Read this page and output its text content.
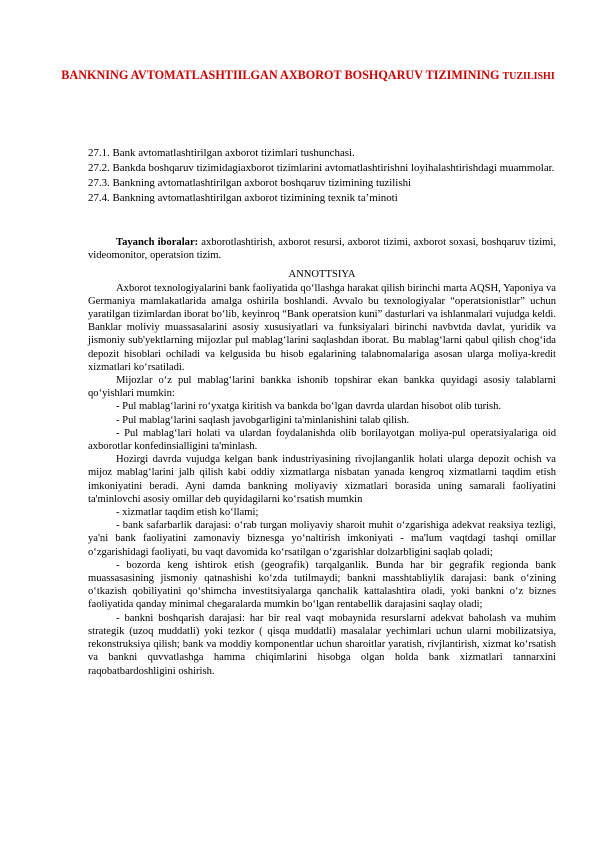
BANKNING AVTOMATLASHTIILGAN AXBOROT BOSHQARUV TIZIMINING TUZILISHI

27.1. Bank avtomatlashtirilgan axborot tizimlari tushunchasi.

27.2. Bankda boshqaruv tizimidagiaxborot tizimlarini avtomatlashtirishni loyihalashtirishdagi muammolar.

27.3. Bankning avtomatlashtirilgan axborot boshqaruv tizimining tuzilishi

27.4. Bankning avtomatlashtirilgan axborot tizimining texnik ta’minoti

Tayanch iboralar: axborotlashtirish, axborot resursi, axborot tizimi, axborot soxasi, boshqaruv tizimi, videomonitor, operatsion tizim.

ANNOTTSIYA

Axborot texnologiyalarini bank faoliyatida qo‘llashga harakat qilish birinchi marta AQSH, Yaponiya va Germaniya mamlakatlarida amalga oshirila boshlandi. Avvalo bu texnologiyalar “operatsionistlar” uchun yaratilgan tizimlardan iborat bo‘lib, keyinroq “Bank operatsion kuni” dasturlari va ishlanmalari vujudga keldi. Banklar moliviy muassasalarini asosiy xususiyatlari va funksiyalari birinchi navbvtda davlat, yuridik va jismoniy sub'yektlarning mijozlar pul mablag‘larini saqlashdan iborat. Bu mablag‘larni qabul qilish chog‘ida depozit hisoblari ochiladi va kelgusida bu hisob egalarining talabnomalariga asosan ularga moliya-kredit xizmatlari ko‘rsatiladi.

Mijozlar o‘z pul mablag‘larini bankka ishonib topshirar ekan bankka quyidagi asosiy talablarni qo‘yishlari mumkin:

- Pul mablag‘larini ro‘yxatga kiritish va bankda bo‘lgan davrda ulardan hisobot olib turish.

- Pul mablag‘larini saqlash javobgarligini ta'minlanishini talab qilish.

- Pul mablag‘lari holati va ulardan foydalanishda olib borilayotgan moliya-pul operatsiyalariga oid axborotlar konfedinsialligini ta'minlash.

Hozirgi davrda vujudga kelgan bank industriyasining rivojlanganlik holati ularga depozit ochish va mijoz mablag‘larini jalb qilish kabi oddiy xizmatlarga nisbatan yanada kengroq xizmatlarni taqdim etish imkoniyatini beradi. Ayni damda bankning moliyaviy xizmatlari borasida uning samarali faoliyatini ta'minlovchi asosiy omillar deb quyidagilarni ko‘rsatish mumkin

- xizmatlar taqdim etish ko‘llami;

- bank safarbarlik darajasi: o‘rab turgan moliyaviy sharoit muhit o‘zgarishiga adekvat reaksiya tezligi, ya'ni bank faoliyatini zamonaviy biznesga yo‘naltirish imkoniyati - ma'lum vaqtdagi tashqi omillar o‘zgarishidagi faoliyati, bu vaqt davomida ko‘rsatilgan o‘zgarishlar dolzarbligini saqlab qoladi;

- bozorda keng ishtirok etish (geografik) tarqalganlik. Bunda har bir gegrafik regionda bank muassasasining jismoniy qatnashishi ko‘zda tutilmaydi; bankni masshtabliylik darajasi: bank o‘zining o‘tkazish qobiliyatini qo‘shimcha investitsiyalarga qanchalik kattalashtira oladi, yoki bankni o‘z biznes faoliyatida qanday minimal chegaralarda mumkin bo‘lgan rentabellik darajasini saqlay oladi;

- bankni boshqarish darajasi: har bir real vaqt mobaynida resurslarni adekvat baholash va muhim strategik (uzoq muddatli) yoki tezkor ( qisqa muddatli) masalalar yechimlari uchun ularni mobilizatsiya, rekonstruksiya qilish; bank va moddiy komponentlar uchun sharoitlar yaratish, rivjlantirish, xizmat ko‘rsatish va bankni quvvatlashga hamma chiqimlarini hisobga olgan holda bank xizmatlari tannarxini raqobatbardoshligini oshirish.
